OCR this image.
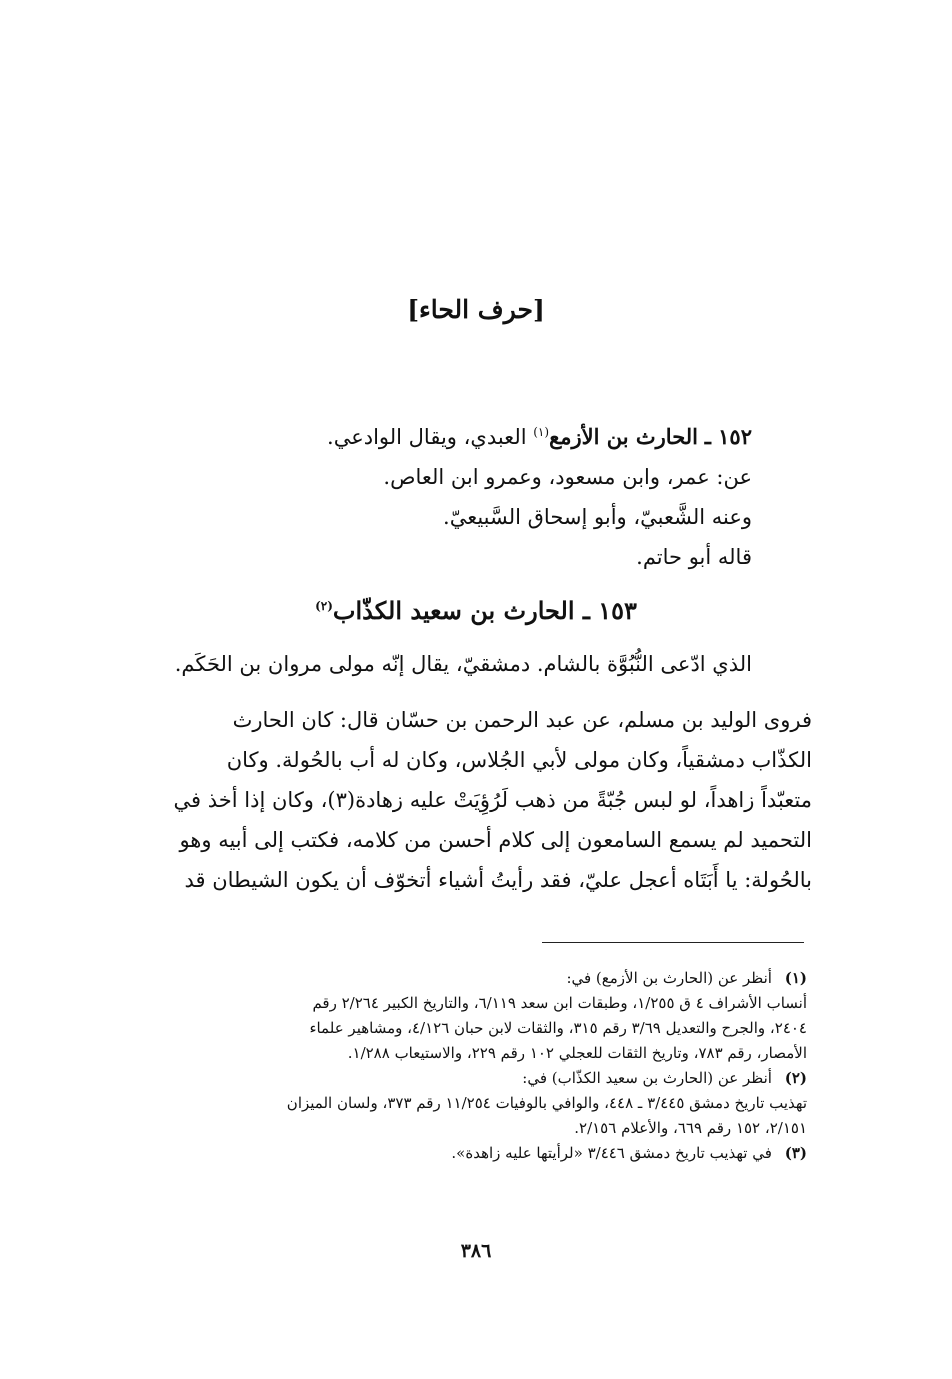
[حرف الحاء]
١٥٢ ـ الحارث بن الأزمع$^{(١)}$ العبدي، ويقال الوادعي.
عن: عمر، وابن مسعود، وعمرو ابن العاص.
وعنه الشَّعبيّ، وأبو إسحاق السَّبيعيّ.
قاله أبو حاتم.
١٥٣ ـ الحارث بن سعيد الكذّاب$^{(٢)}$
الذي ادّعى النُّبُوَّة بالشام. دمشقيّ، يقال إنّه مولى مروان بن الحَكَم.
فروى الوليد بن مسلم، عن عبد الرحمن بن حسّان قال: كان الحارث
الكذّاب دمشقياً، وكان مولى لأبي الجُلاس، وكان له أب بالحُولة. وكان
متعبّداً زاهداً، لو لبس جُبّةً من ذهب لَرُؤِيَتْ عليه زهادة(٣)، وكان إذا أخذ في
التحميد لم يسمع السامعون إلى كلام أحسن من كلامه، فكتب إلى أبيه وهو
بالحُولة: يا أَبَتَاه أعجل عليّ، فقد رأيتُ أشياء أتخوّف أن يكون الشيطان قد
(١) أنظر عن (الحارث بن الأزمع) في:
أنساب الأشراف ٤ ق ١/٢٥٥، وطبقات ابن سعد ٦/١١٩، والتاريخ الكبير ٢/٢٦٤ رقم
٢٤٠٤، والجرح والتعديل ٣/٦٩ رقم ٣١٥، والثقات لابن حبان ٤/١٢٦، ومشاهير علماء
الأمصار، رقم ٧٨٣، وتاريخ الثقات للعجلي ١٠٢ رقم ٢٢٩، والاستيعاب ١/٢٨٨.
(٢) أنظر عن (الحارث بن سعيد الكذّاب) في:
تهذيب تاريخ دمشق ٣/٤٤٥ ـ ٤٤٨، والوافي بالوفيات ١١/٢٥٤ رقم ٣٧٣، ولسان الميزان
٢/١٥١، ١٥٢ رقم ٦٦٩، والأعلام ٢/١٥٦.
(٣) في تهذيب تاريخ دمشق ٣/٤٤٦ «لرأيتها عليه زاهدة».
٣٨٦
